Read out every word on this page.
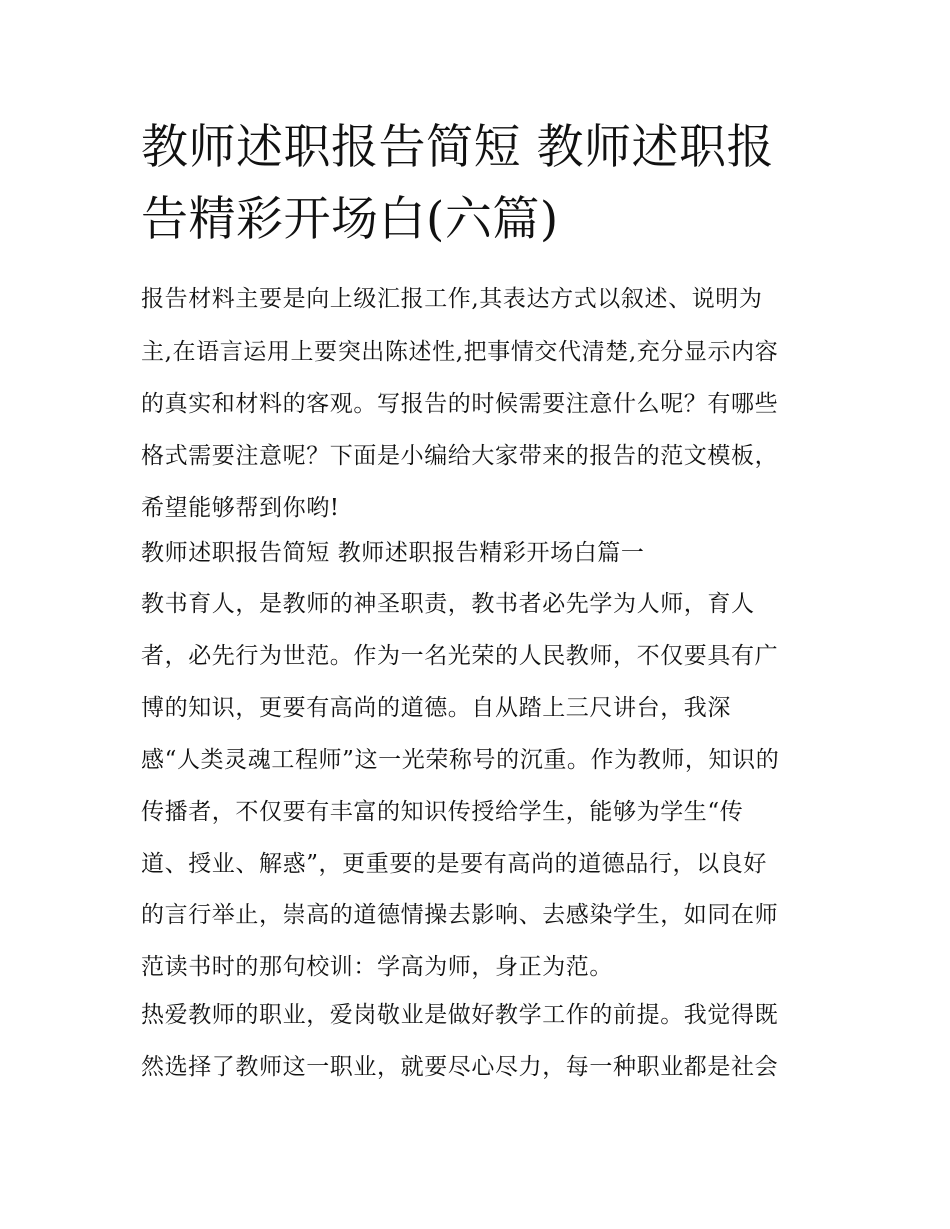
教师述职报告简短 教师述职报
告精彩开场白(六篇)

报告材料主要是向上级汇报工作,其表达方式以叙述、说明为

主,在语言运用上要突出陈述性,把事情交代清楚,充分显示内容

的真实和材料的客观。写报告的时候需要注意什么呢？有哪些

格式需要注意呢？下面是小编给大家带来的报告的范文模板，

希望能够帮到你哟!

教师述职报告简短 教师述职报告精彩开场白篇一

教书育人，是教师的神圣职责，教书者必先学为人师，育人

者，必先行为世范。作为一名光荣的人民教师，不仅要具有广

博的知识，更要有高尚的道德。自从踏上三尺讲台，我深

感“人类灵魂工程师”这一光荣称号的沉重。作为教师，知识的

传播者，不仅要有丰富的知识传授给学生，能够为学生“传

道、授业、解惑”，更重要的是要有高尚的道德品行，以良好

的言行举止，崇高的道德情操去影响、去感染学生，如同在师

范读书时的那句校训：学高为师，身正为范。

热爱教师的职业，爱岗敬业是做好教学工作的前提。我觉得既

然选择了教师这一职业，就要尽心尽力，每一种职业都是社会
